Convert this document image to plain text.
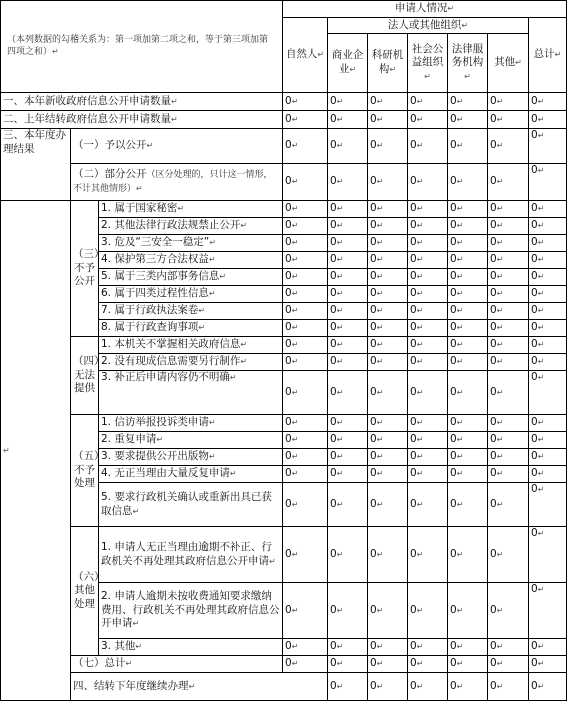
（本列数据的勾稽关系为：第一项加第二项之和，等于第三项加第四项之和）↵			申请人情况↵							
			自然人↵	法人或其他组织↵					总计↵	
				商业企业↵	科研机构↵	社会公益组织↵	法律服务机构↵	其他↵		
一、本年新收政府信息公开申请数量↵			0↵	0↵	0↵	0↵	0↵	0↵	0↵	
二、上年结转政府信息公开申请数量↵			0↵	0↵	0↵	0↵	0↵	0↵	0↵	
三、本年度办理结果	（一）予以公开↵		0↵	0↵	0↵	0↵	0↵	0↵	0↵	
	（二）部分公开（区分处理的，只计这一情形，不计其他情形）↵		0↵	0↵	0↵	0↵	0↵	0↵	0↵	
↵	（三）不予公开	1. 属于国家秘密↵	0↵	0↵	0↵	0↵	0↵	0↵	0↵	
		2. 其他法律行政法规禁止公开↵	0↵	0↵	0↵	0↵	0↵	0↵	0↵	
		3. 危及“三安全一稳定”↵	0↵	0↵	0↵	0↵	0↵	0↵	0↵	
		4. 保护第三方合法权益↵	0↵	0↵	0↵	0↵	0↵	0↵	0↵	
		5. 属于三类内部事务信息↵	0↵	0↵	0↵	0↵	0↵	0↵	0↵	
		6. 属于四类过程性信息↵	0↵	0↵	0↵	0↵	0↵	0↵	0↵	
		7. 属于行政执法案卷↵	0↵	0↵	0↵	0↵	0↵	0↵	0↵	
		8. 属于行政查询事项↵	0↵	0↵	0↵	0↵	0↵	0↵	0↵	
	（四）无法提供	1. 本机关不掌握相关政府信息↵	0↵	0↵	0↵	0↵	0↵	0↵	0↵	
		2. 没有现成信息需要另行制作↵	0↵	0↵	0↵	0↵	0↵	0↵	0↵	
		3. 补正后申请内容仍不明确↵	0↵	0↵	0↵	0↵	0↵	0↵	0↵	

	（五）不予处理	1. 信访举报投诉类申请↵	0↵	0↵	0↵	0↵	0↵	0↵	0↵	
		2. 重复申请↵	0↵	0↵	0↵	0↵	0↵	0↵	0↵	
		3. 要求提供公开出版物↵	0↵	0↵	0↵	0↵	0↵	0↵	0↵	
		4. 无正当理由大量反复申请↵	0↵	0↵	0↵	0↵	0↵	0↵	0↵	
		5. 要求行政机关确认或重新出具已获取信息↵	0↵	0↵	0↵	0↵	0↵	0↵	0↵	
	（六）其他处理	1. 申请人无正当理由逾期不补正、行政机关不再处理其政府信息公开申请↵	0↵	0↵	0↵	0↵	0↵	0↵	0↵	
		2. 申请人逾期未按收费通知要求缴纳费用、行政机关不再处理其政府信息公开申请↵	0↵	0↵	0↵	0↵	0↵	0↵	0↵	
		3. 其他↵	0↵	0↵	0↵	0↵	0↵	0↵	0↵	
	（七）总计↵		0↵	0↵	0↵	0↵	0↵	0↵	0↵	
	四、结转下年度继续办理↵			0↵	0↵	0↵	0↵	0↵	0↵	
